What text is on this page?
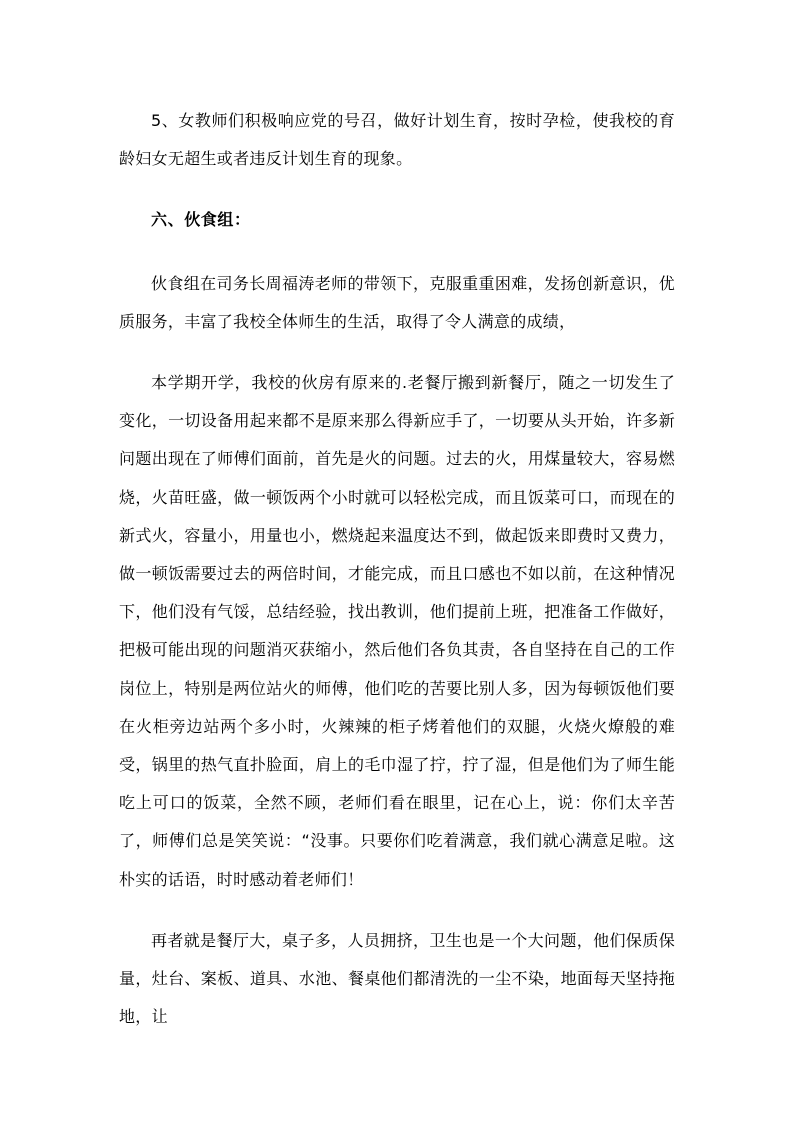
5、女教师们积极响应党的号召，做好计划生育，按时孕检，使我校的育龄妇女无超生或者违反计划生育的现象。

六、伙食组：

伙食组在司务长周福涛老师的带领下，克服重重困难，发扬创新意识，优质服务，丰富了我校全体师生的生活，取得了令人满意的成绩，

本学期开学，我校的伙房有原来的.老餐厅搬到新餐厅，随之一切发生了变化，一切设备用起来都不是原来那么得新应手了，一切要从头开始，许多新问题出现在了师傅们面前，首先是火的问题。过去的火，用煤量较大，容易燃烧，火苗旺盛，做一顿饭两个小时就可以轻松完成，而且饭菜可口，而现在的新式火，容量小，用量也小，燃烧起来温度达不到，做起饭来即费时又费力，做一顿饭需要过去的两倍时间，才能完成，而且口感也不如以前，在这种情况下，他们没有气馁，总结经验，找出教训，他们提前上班，把准备工作做好，把极可能出现的问题消灭获缩小，然后他们各负其责，各自坚持在自己的工作岗位上，特别是两位站火的师傅，他们吃的苦要比别人多，因为每顿饭他们要在火柜旁边站两个多小时，火辣辣的柜子烤着他们的双腿，火烧火燎般的难受，锅里的热气直扑脸面，肩上的毛巾湿了拧，拧了湿，但是他们为了师生能吃上可口的饭菜，全然不顾，老师们看在眼里，记在心上，说：你们太辛苦了，师傅们总是笑笑说：“没事。只要你们吃着满意，我们就心满意足啦。这朴实的话语，时时感动着老师们！

再者就是餐厅大，桌子多，人员拥挤，卫生也是一个大问题，他们保质保量，灶台、案板、道具、水池、餐桌他们都清洗的一尘不染，地面每天坚持拖地，让
